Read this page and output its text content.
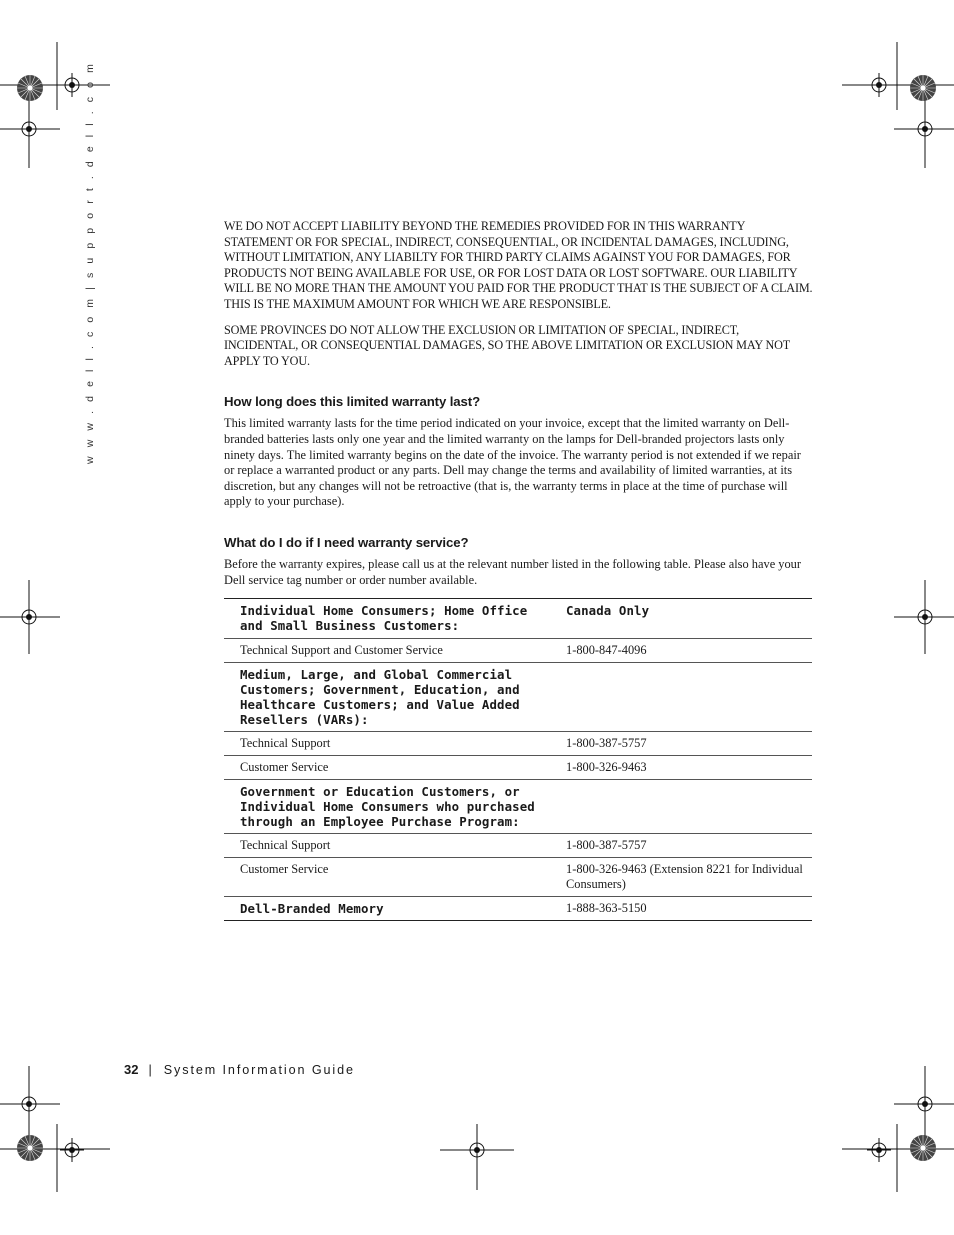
w w w . d e l l . c o m | s u p p o r t . d e l l . c o m	WE DO NOT ACCEPT LIABILITY BEYOND THE REMEDIES PROVIDED FOR IN THIS WARRANTY STATEMENT OR FOR SPECIAL, INDIRECT, CONSEQUENTIAL, OR INCIDENTAL DAMAGES, INCLUDING, WITHOUT LIMITATION, ANY LIABILTY FOR THIRD PARTY CLAIMS AGAINST YOU FOR DAMAGES, FOR PRODUCTS NOT BEING AVAILABLE FOR USE, OR FOR LOST DATA OR LOST SOFTWARE. OUR LIABILITY WILL BE NO MORE THAN THE AMOUNT YOU PAID FOR THE PRODUCT THAT IS THE SUBJECT OF A CLAIM. THIS IS THE MAXIMUM AMOUNT FOR WHICH WE ARE RESPONSIBLE.

SOME PROVINCES DO NOT ALLOW THE EXCLUSION OR LIMITATION OF SPECIAL, INDIRECT, INCIDENTAL, OR CONSEQUENTIAL DAMAGES, SO THE ABOVE LIMITATION OR EXCLUSION MAY NOT APPLY TO YOU.

How long does this limited warranty last?

This limited warranty lasts for the time period indicated on your invoice, except that the limited warranty on Dell-branded batteries lasts only one year and the limited warranty on the lamps for Dell-branded projectors lasts only ninety days. The limited warranty begins on the date of the invoice. The warranty period is not extended if we repair or replace a warranted product or any parts. Dell may change the terms and availability of limited warranties, at its discretion, but any changes will not be retroactive (that is, the warranty terms in place at the time of purchase will apply to your purchase).

What do I do if I need warranty service?

Before the warranty expires, please call us at the relevant number listed in the following table. Please also have your Dell service tag number or order number available.

Individual Home Consumers; Home Office and Small Business Customers:	Canada Only
Technical Support and Customer Service	1-800-847-4096
Medium, Large, and Global Commercial Customers; Government, Education, and Healthcare Customers; and Value Added Resellers (VARs):	
Technical Support	1-800-387-5757
Customer Service	1-800-326-9463
Government or Education Customers, or Individual Home Consumers who purchased through an Employee Purchase Program:	
Technical Support	1-800-387-5757
Customer Service	1-800-326-9463 (Extension 8221 for Individual Consumers)
Dell-Branded Memory	1-888-363-5150
32 | System Information Guide
